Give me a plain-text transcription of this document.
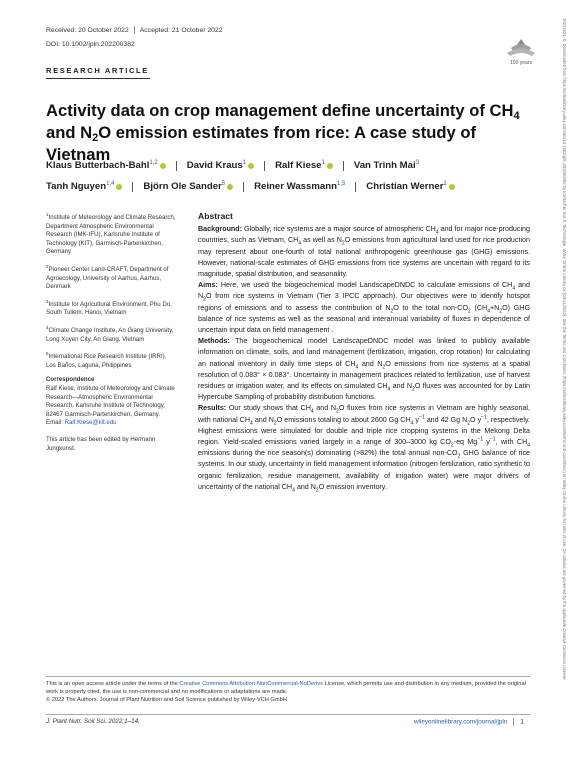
Received: 20 October 2022 Accepted: 21 October 2022
DOI: 10.1002/jpln.202200382
100 years
RESEARCH ARTICLE
Activity data on crop management define uncertainty of $CH_4$ and $N_2O$ emission estimates from rice: A case study of Vietnam
Klaus Butterbach-Bahl$^{1,2}$	David Kraus$^1$	Ralf Kiese$^1$	Van Trinh Mai$^3$
Tanh Nguyen$^{1,4}$	Björn Ole Sander$^5$	Reiner Wassmann$^{1,5}$ Christian Werner$^1$
$^1$Institute of Meteorology and Climate Research, Department Atmospheric Environmental Research (IMK-IFU), Karlsruhe Institute of Technology (KIT), Garmisch-Partenkirchen, Germany
$^2$Pioneer Center Land-CRAFT, Department of Agroecology, University of Aarhus, Aarhus, Denmark
$^3$Institute for Agricultural Environment, Phu Do, South Tuliem, Hanoi, Vietnam
$^4$Climate Change Institute, An Giang University, Long Xuyen City, An Giang, Vietnam
$^5$International Rice Research Institute (IRRI), Los Baños, Laguna, Philippines
Correspondence
Ralf Kiese, Institute of Meteorology and Climate Research—Atmospheric Environmental Research, Karlsruhe Institute of Technology, 82467 Garmisch-Partenkirchen, Germany.
Email: Ralf.Kiese@kit.edu
This article has been edited by Hermann Jungkunst.
Abstract

Background: Globally, rice systems are a major source of atmospheric $CH_4$ and for major rice-producing countries, such as Vietnam, $CH_4$ as well as $N_2O$ emissions from agricultural land used for rice production may represent about one-fourth of total national anthropogenic greenhouse gas (GHG) emissions. However, national-scale estimates of GHG emissions from rice systems are uncertain with regard to its magnitude, spatial distribution, and seasonality.

Aims: Here, we used the biogeochemical model LandscapeDNDC to calculate emissions of $CH_4$ and $N_2O$ from rice systems in Vietnam (Tier 3 IPCC approach). Our objectives were to identify hotspot regions of emissions and to assess the contribution of $N_2O$ to the total non-$CO_2$ $(CH_4+N_2O)$ GHG balance of rice systems as well as the seasonal and interannual variability of fluxes in dependence of uncertain input data on field management .

Methods: The biogeochemical model LandscapeDNDC model was linked to publicly available information on climate, soils, and land management (fertilization, irrigation, crop rotation) for calculating an national inventory in daily time steps of $CH_4$ and $N_2O$ emissions from rice systems at a spatial resolution of 0.083° × 0.083°. Uncertainty in management practices related to fertilization, use of harvest residues or irrigation water, and its effects on simulated $CH_4$ and $N_2O$ fluxes was accounted for by Latin Hypercube Sampling of probability distribution functions.

Results: Our study shows that $CH_4$ and $N_2O$ fluxes from rice systems in Vietnam are highly seasonal, with national $CH_4$ and $N_2O$ emissions totaling to about 2600 Gg $CH_4$ $y^{-1}$ and 42 Gg $N_2O$ $y^{-1}$, respectively. Highest emissions were simulated for double and triple rice cropping systems in the Mekong Delta region. Yield-scaled emissions varied largely in a range of 300–3000 kg $CO_2-eq$ $Mg^{-1}$ $y^{-1}$, with $CH_4$ emissions during the rice season(s) dominating (>82%) the total annual non-$CO_2$ GHG balance of rice systems. In our study, uncertainty in field management information (nitrogen fertilization, ratio synthetic to organic fertilization, residue management, availability of irrigation water) were major drivers of uncertainty of the national $CH_4$ and $N_2O$ emission inventory.

This is an open access article under the terms of the Creative Commons Attribution-NonCommercial-NoDerivs License, which permits use and distribution in any medium, provided the original work is properly cited, the use is non-commercial and no modifications or adaptations are made.
© 2022 The Authors. Journal of Plant Nutrition and Soil Science published by Wiley-VCH GmbH
J. Plant Nutr. Soil Sci. 2022;1–14.	wileyonlinelibrary.com/journal/jpln 1
15222624, 0, Downloaded from https://onlinelibrary.wiley.com/doi/10.1002/jpln.202200382 by Karlsruher Inst F. Technologie, Wiley Online Library on [03/11/2022]. See the Terms and Conditions (https://onlinelibrary.wiley.com/terms-and-conditions) on Wiley Online Library for rules of use; OA articles are governed by the applicable Creative Commons License
